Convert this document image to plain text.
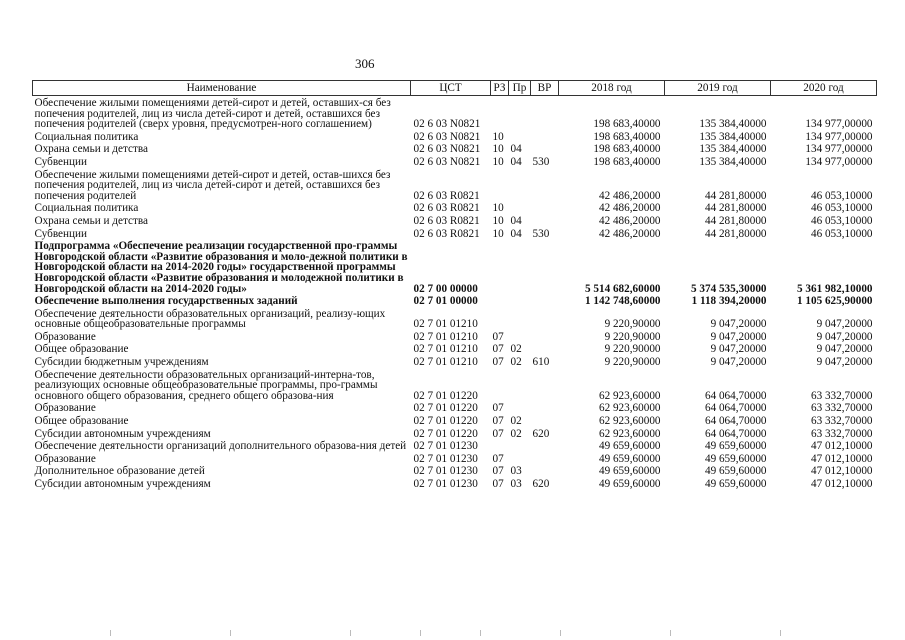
306
Наименование	ЦСТ	РЗ	Пр	ВР	2018 год	2019 год	2020 год
Обеспечение жилыми помещениями детей-сирот и детей, оставших-ся без попечения родителей, лиц из числа детей-сирот и детей, оставшихся без попечения родителей (сверх уровня, предусмотрен-ного соглашением)	02 6 03 N0821				198 683,40000	135 384,40000	134 977,00000
Социальная политика	02 6 03 N0821	10			198 683,40000	135 384,40000	134 977,00000
Охрана семьи и детства	02 6 03 N0821	10	04		198 683,40000	135 384,40000	134 977,00000
Субвенции	02 6 03 N0821	10	04	530	198 683,40000	135 384,40000	134 977,00000
Обеспечение жилыми помещениями детей-сирот и детей, остав-шихся без попечения родителей, лиц из числа детей-сирот и детей, оставшихся без попечения родителей	02 6 03 R0821				42 486,20000	44 281,80000	46 053,10000
Социальная политика	02 6 03 R0821	10			42 486,20000	44 281,80000	46 053,10000
Охрана семьи и детства	02 6 03 R0821	10	04		42 486,20000	44 281,80000	46 053,10000
Субвенции	02 6 03 R0821	10	04	530	42 486,20000	44 281,80000	46 053,10000
Подпрограмма «Обеспечение реализации государственной про-граммы Новгородской области «Развитие образования и моло-дежной политики в Новгородской области на 2014-2020 годы» государственной программы Новгородской области «Развитие образования и молодежной политики в Новгородской области на 2014-2020 годы»	02 7 00 00000				5 514 682,60000	5 374 535,30000	5 361 982,10000
Обеспечение выполнения государственных заданий	02 7 01 00000				1 142 748,60000	1 118 394,20000	1 105 625,90000
Обеспечение деятельности образовательных организаций, реализу-ющих основные общеобразовательные программы	02 7 01 01210				9 220,90000	9 047,20000	9 047,20000
Образование	02 7 01 01210	07			9 220,90000	9 047,20000	9 047,20000
Общее образование	02 7 01 01210	07	02		9 220,90000	9 047,20000	9 047,20000
Субсидии бюджетным учреждениям	02 7 01 01210	07	02	610	9 220,90000	9 047,20000	9 047,20000
Обеспечение деятельности образовательных организаций-интерна-тов, реализующих основные общеобразовательные программы, про-граммы основного общего образования, среднего общего образова-ния	02 7 01 01220				62 923,60000	64 064,70000	63 332,70000
Образование	02 7 01 01220	07			62 923,60000	64 064,70000	63 332,70000
Общее образование	02 7 01 01220	07	02		62 923,60000	64 064,70000	63 332,70000
Субсидии автономным учреждениям	02 7 01 01220	07	02	620	62 923,60000	64 064,70000	63 332,70000
Обеспечение деятельности организаций дополнительного образова-ния детей	02 7 01 01230				49 659,60000	49 659,60000	47 012,10000
Образование	02 7 01 01230	07			49 659,60000	49 659,60000	47 012,10000
Дополнительное образование детей	02 7 01 01230	07	03		49 659,60000	49 659,60000	47 012,10000
Субсидии автономным учреждениям	02 7 01 01230	07	03	620	49 659,60000	49 659,60000	47 012,10000
